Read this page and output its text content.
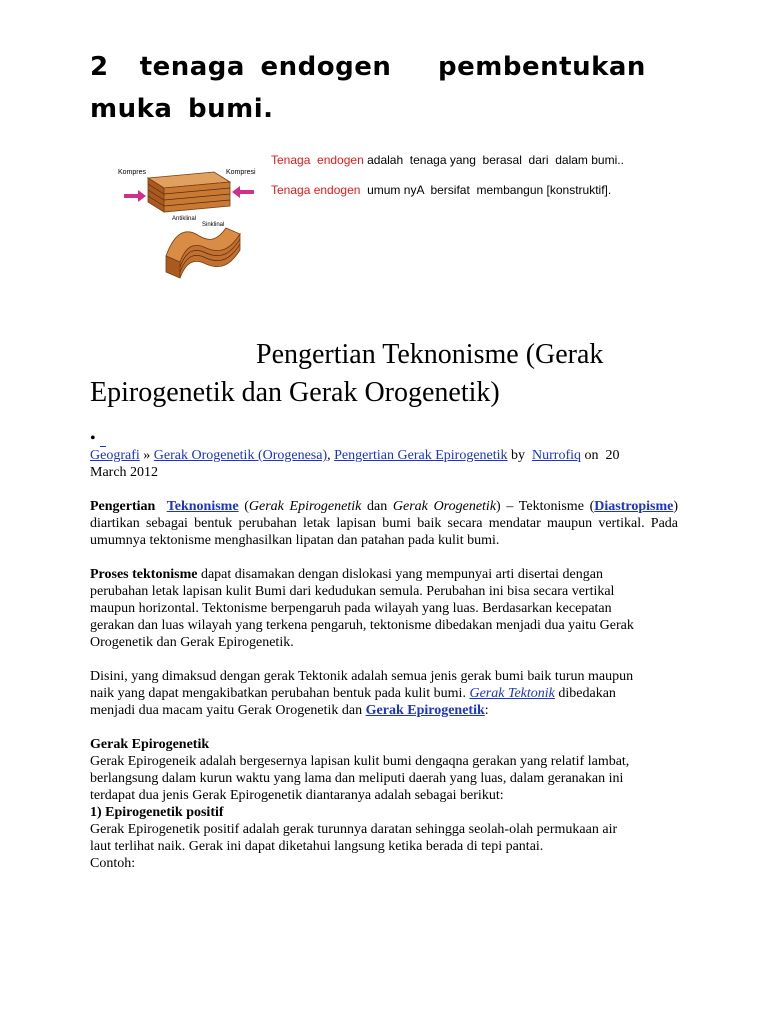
2  tenaga endogen   pembentukan
muka bumi.
Kompres	Kompresi
Antiklinal
Sinklinal

Tenaga  endogen adalah  tenaga yang  berasal  dari  dalam bumi..

Tenaga endogen  umum nyA  bersifat  membangun [konstruktif].

Pengertian Teknonisme (Gerak
Epirogenetik dan Gerak Orogenetik)
•

Geografi » Gerak Orogenetik (Orogenesa), Pengertian Gerak Epirogenetik by  Nurrofiq on  20
March 2012

Pengertian Teknonisme (Gerak Epirogenetik dan Gerak Orogenetik) – Tektonisme (Diastropisme) diartikan sebagai bentuk perubahan letak lapisan bumi baik secara mendatar maupun vertikal. Pada umumnya tektonisme menghasilkan lipatan dan patahan pada kulit bumi.

Proses tektonisme dapat disamakan dengan dislokasi yang mempunyai arti disertai dengan
perubahan letak lapisan kulit Bumi dari kedudukan semula. Perubahan ini bisa secara vertikal
maupun horizontal. Tektonisme berpengaruh pada wilayah yang luas. Berdasarkan kecepatan
gerakan dan luas wilayah yang terkena pengaruh, tektonisme dibedakan menjadi dua yaitu Gerak
Orogenetik dan Gerak Epirogenetik.

Disini, yang dimaksud dengan gerak Tektonik adalah semua jenis gerak bumi baik turun maupun
naik yang dapat mengakibatkan perubahan bentuk pada kulit bumi. Gerak Tektonik dibedakan
menjadi dua macam yaitu Gerak Orogenetik dan Gerak Epirogenetik:

Gerak Epirogenetik
Gerak Epirogeneik adalah bergesernya lapisan kulit bumi dengaqna gerakan yang relatif lambat,
berlangsung dalam kurun waktu yang lama dan meliputi daerah yang luas, dalam geranakan ini
terdapat dua jenis Gerak Epirogenetik diantaranya adalah sebagai berikut:
1) Epirogenetik positif
Gerak Epirogenetik positif adalah gerak turunnya daratan sehingga seolah-olah permukaan air
laut terlihat naik. Gerak ini dapat diketahui langsung ketika berada di tepi pantai.
Contoh:
